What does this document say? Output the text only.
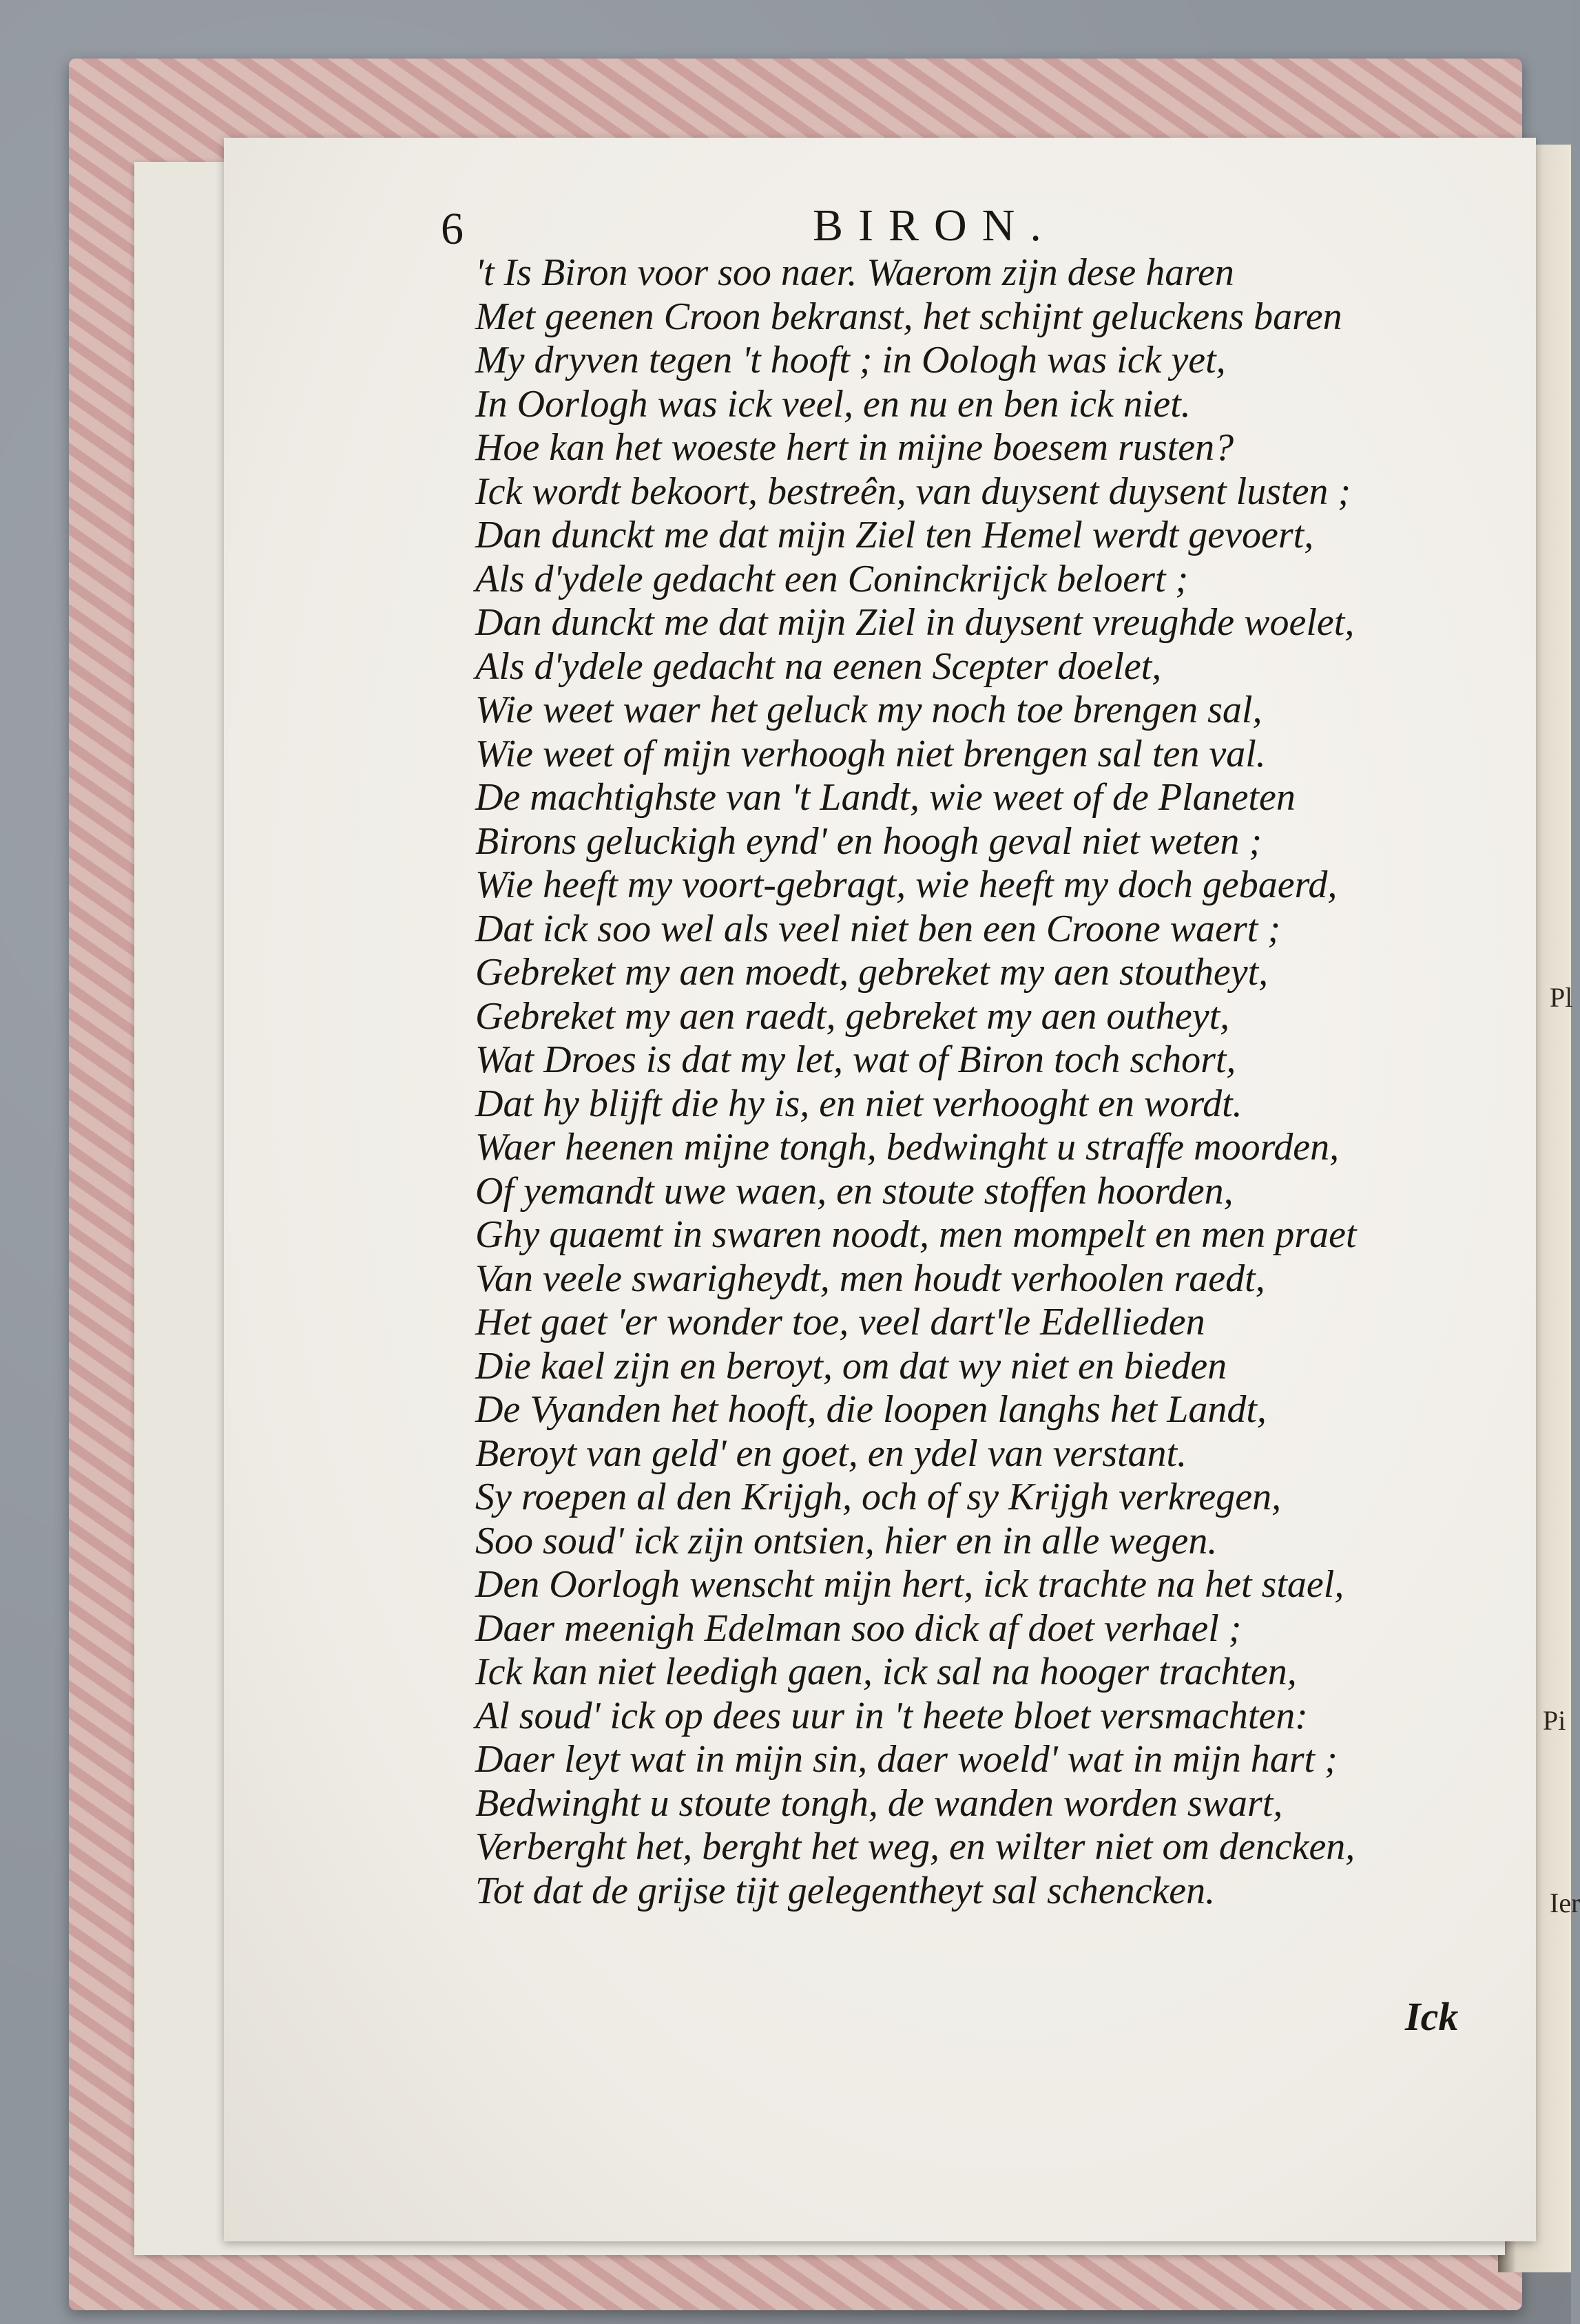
Pl
Pi
Ier
6	BIRON.
't Is Biron voor soo naer. Waerom zijn dese haren
Met geenen Croon bekranst, het schijnt geluckens baren
My dryven tegen 't hooft ; in Oologh was ick yet,
In Oorlogh was ick veel, en nu en ben ick niet.
Hoe kan het woeste hert in mijne boesem rusten?
Ick wordt bekoort, bestreên, van duysent duysent lusten ;
Dan dunckt me dat mijn Ziel ten Hemel werdt gevoert,
Als d'ydele gedacht een Coninckrijck beloert ;
Dan dunckt me dat mijn Ziel in duysent vreughde woelet,
Als d'ydele gedacht na eenen Scepter doelet,
Wie weet waer het geluck my noch toe brengen sal,
Wie weet of mijn verhoogh niet brengen sal ten val.
De machtighste van 't Landt, wie weet of de Planeten
Birons geluckigh eynd' en hoogh geval niet weten ;
Wie heeft my voort-gebragt, wie heeft my doch gebaerd,
Dat ick soo wel als veel niet ben een Croone waert ;
Gebreket my aen moedt, gebreket my aen stoutheyt,
Gebreket my aen raedt, gebreket my aen outheyt,
Wat Droes is dat my let, wat of Biron toch schort,
Dat hy blijft die hy is, en niet verhooght en wordt.
Waer heenen mijne tongh, bedwinght u straffe moorden,
Of yemandt uwe waen, en stoute stoffen hoorden,
Ghy quaemt in swaren noodt, men mompelt en men praet
Van veele swarigheydt, men houdt verhoolen raedt,
Het gaet 'er wonder toe, veel dart'le Edellieden
Die kael zijn en beroyt, om dat wy niet en bieden
De Vyanden het hooft, die loopen langhs het Landt,
Beroyt van geld' en goet, en ydel van verstant.
Sy roepen al den Krijgh, och of sy Krijgh verkregen,
Soo soud' ick zijn ontsien, hier en in alle wegen.
Den Oorlogh wenscht mijn hert, ick trachte na het stael,
Daer meenigh Edelman soo dick af doet verhael ;
Ick kan niet leedigh gaen, ick sal na hooger trachten,
Al soud' ick op dees uur in 't heete bloet versmachten:
Daer leyt wat in mijn sin, daer woeld' wat in mijn hart ;
Bedwinght u stoute tongh, de wanden worden swart,
Verberght het, berght het weg, en wilter niet om dencken,
Tot dat de grijse tijt gelegentheyt sal schencken.
Ick
